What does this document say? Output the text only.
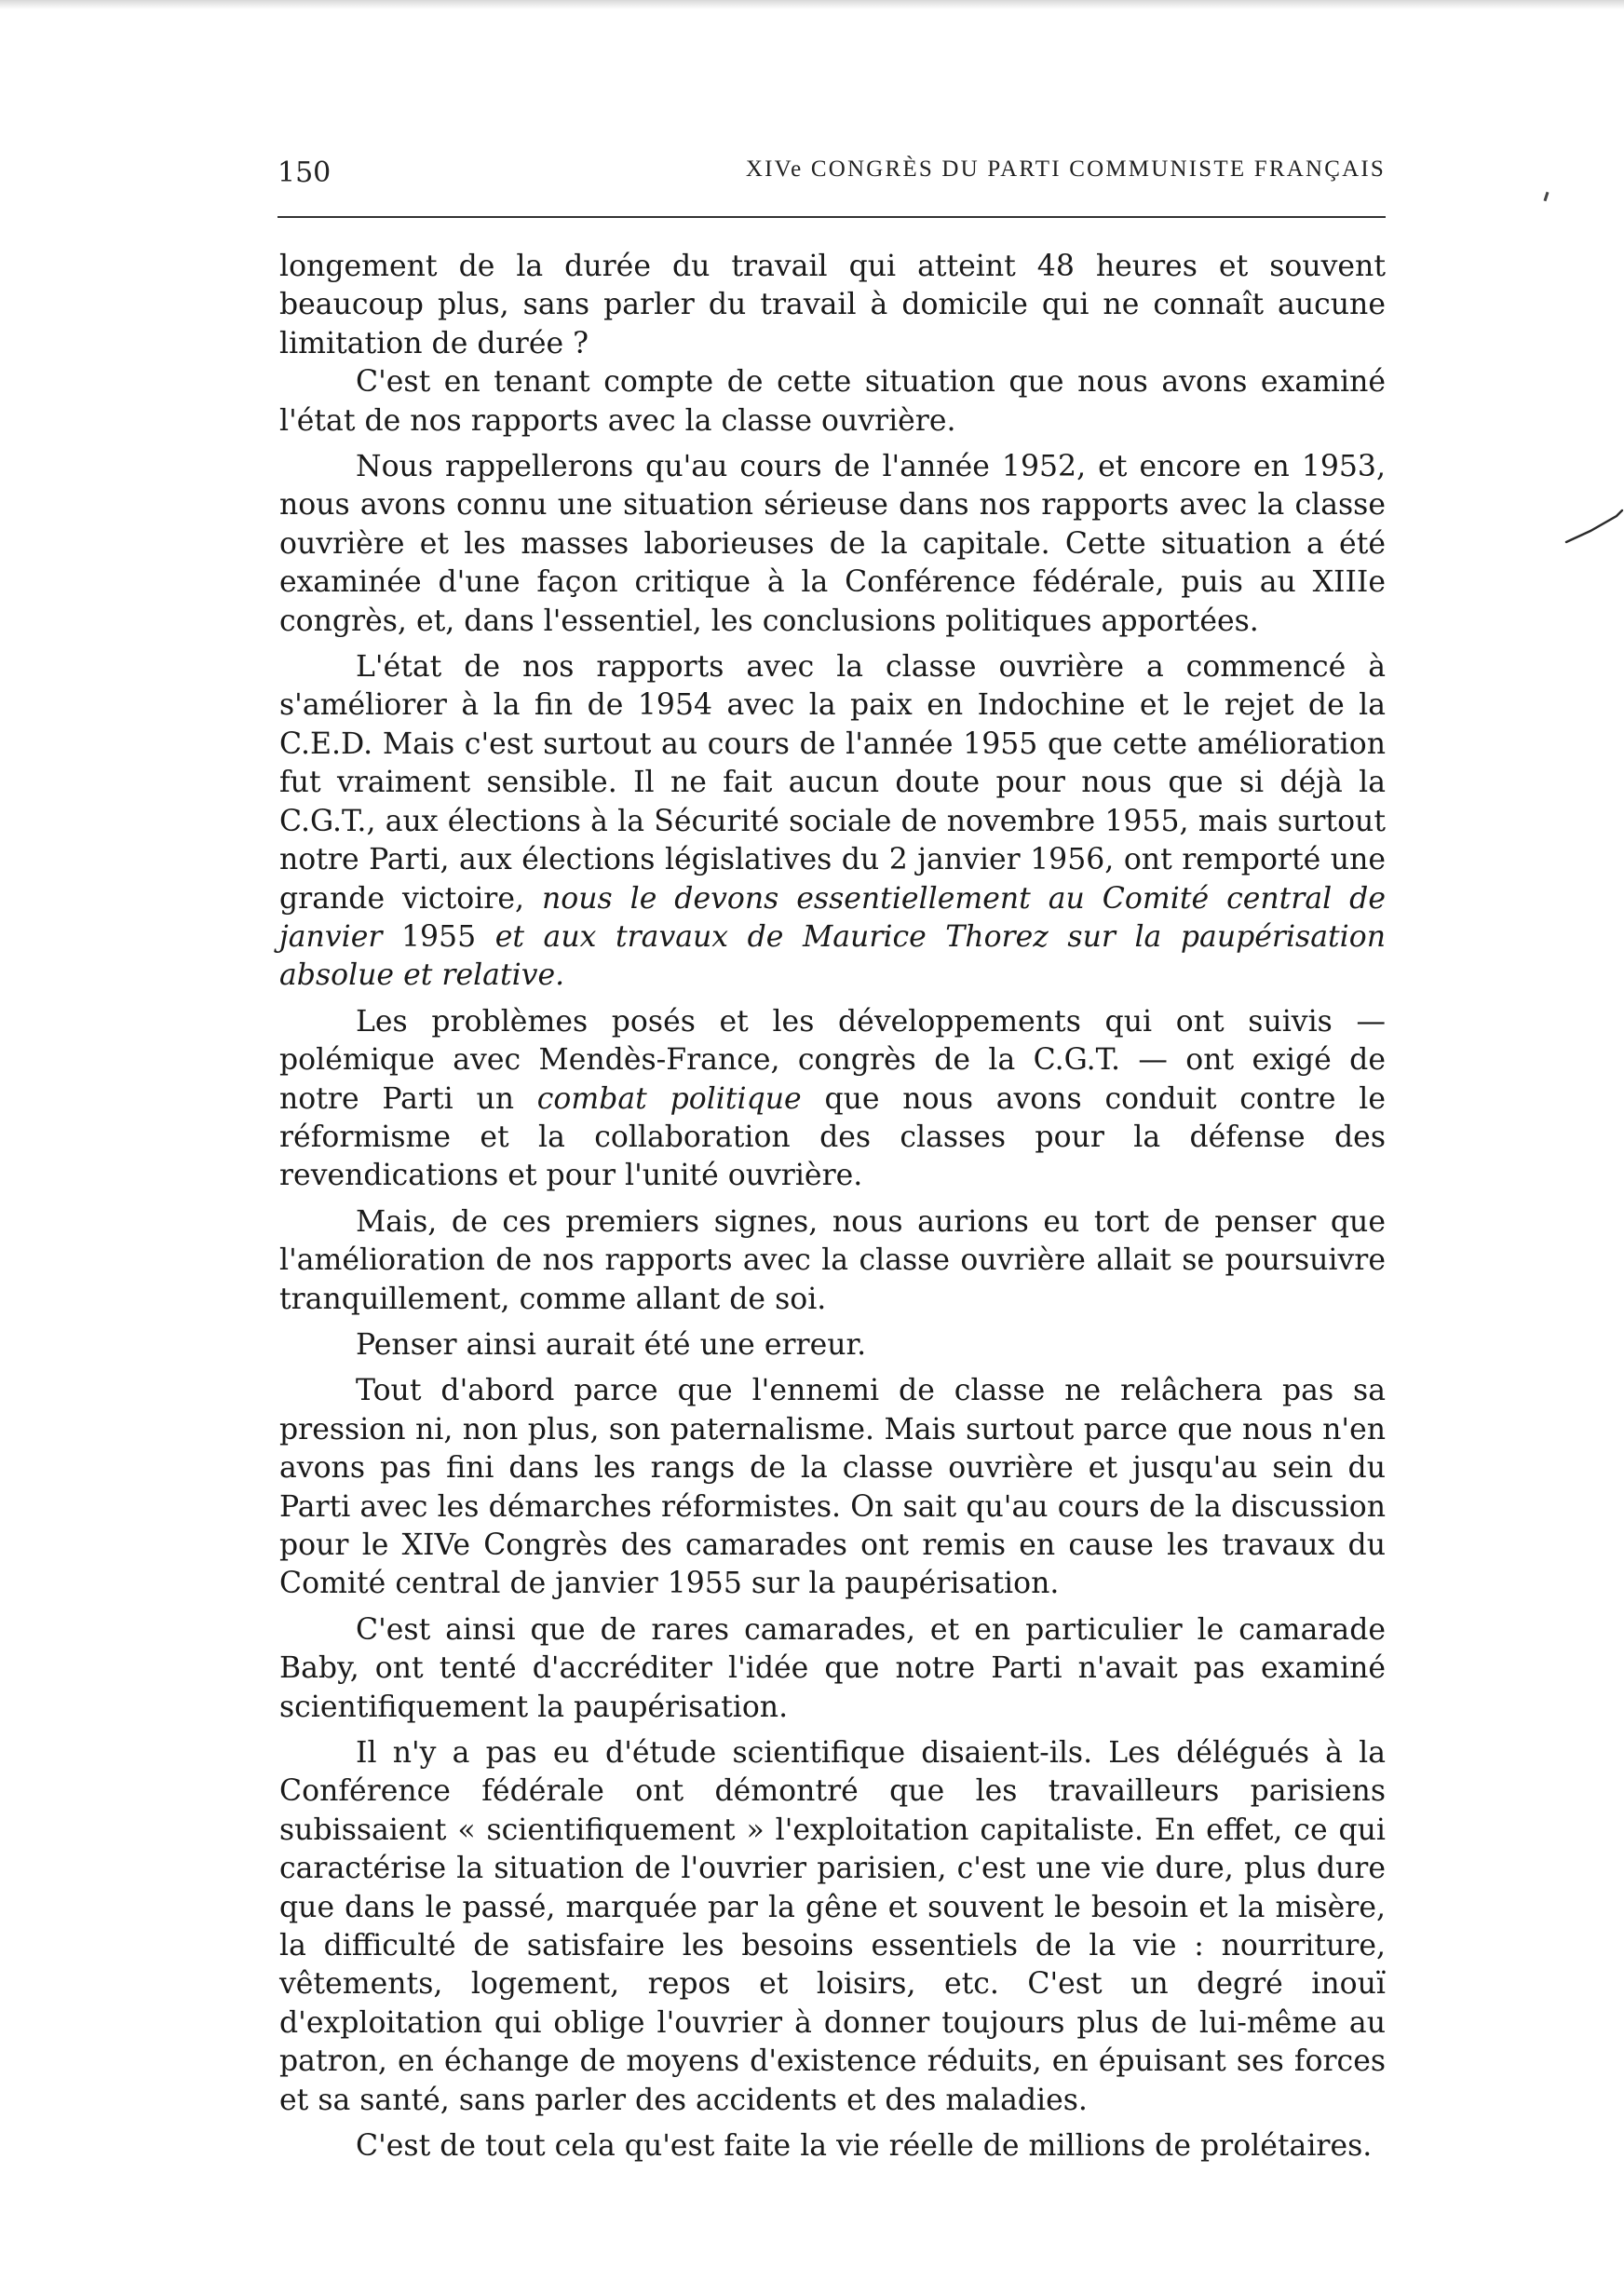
150	XIVe CONGRÈS DU PARTI COMMUNISTE FRANÇAIS

longement de la durée du travail qui atteint 48 heures et souvent beaucoup plus, sans parler du travail à domicile qui ne connaît aucune limitation de durée ?

C'est en tenant compte de cette situation que nous avons examiné l'état de nos rapports avec la classe ouvrière.

Nous rappellerons qu'au cours de l'année 1952, et encore en 1953, nous avons connu une situation sérieuse dans nos rapports avec la classe ouvrière et les masses laborieuses de la capitale. Cette situation a été examinée d'une façon critique à la Conférence fédérale, puis au XIIIe congrès, et, dans l'essentiel, les conclusions politiques apportées.

L'état de nos rapports avec la classe ouvrière a commencé à s'améliorer à la fin de 1954 avec la paix en Indochine et le rejet de la C.E.D. Mais c'est surtout au cours de l'année 1955 que cette amélioration fut vraiment sensible. Il ne fait aucun doute pour nous que si déjà la C.G.T., aux élections à la Sécurité sociale de novembre 1955, mais surtout notre Parti, aux élections législatives du 2 janvier 1956, ont remporté une grande victoire, nous le devons essentiellement au Comité central de janvier 1955 et aux travaux de Maurice Thorez sur la paupérisation absolue et relative.

Les problèmes posés et les développements qui ont suivis — polémique avec Mendès-France, congrès de la C.G.T. — ont exigé de notre Parti un combat politique que nous avons conduit contre le réformisme et la collaboration des classes pour la défense des revendications et pour l'unité ouvrière.

Mais, de ces premiers signes, nous aurions eu tort de penser que l'amélioration de nos rapports avec la classe ouvrière allait se poursuivre tranquillement, comme allant de soi.

Penser ainsi aurait été une erreur.

Tout d'abord parce que l'ennemi de classe ne relâchera pas sa pression ni, non plus, son paternalisme. Mais surtout parce que nous n'en avons pas fini dans les rangs de la classe ouvrière et jusqu'au sein du Parti avec les démarches réformistes. On sait qu'au cours de la discussion pour le XIVe Congrès des camarades ont remis en cause les travaux du Comité central de janvier 1955 sur la paupérisation.

C'est ainsi que de rares camarades, et en particulier le camarade Baby, ont tenté d'accréditer l'idée que notre Parti n'avait pas examiné scientifiquement la paupérisation.

Il n'y a pas eu d'étude scientifique disaient-ils. Les délégués à la Conférence fédérale ont démontré que les travailleurs parisiens subissaient « scientifiquement » l'exploitation capitaliste. En effet, ce qui caractérise la situation de l'ouvrier parisien, c'est une vie dure, plus dure que dans le passé, marquée par la gêne et souvent le besoin et la misère, la difficulté de satisfaire les besoins essentiels de la vie : nourriture, vêtements, logement, repos et loisirs, etc. C'est un degré inouï d'exploitation qui oblige l'ouvrier à donner toujours plus de lui-même au patron, en échange de moyens d'existence réduits, en épuisant ses forces et sa santé, sans parler des accidents et des maladies.

C'est de tout cela qu'est faite la vie réelle de millions de prolétaires.
